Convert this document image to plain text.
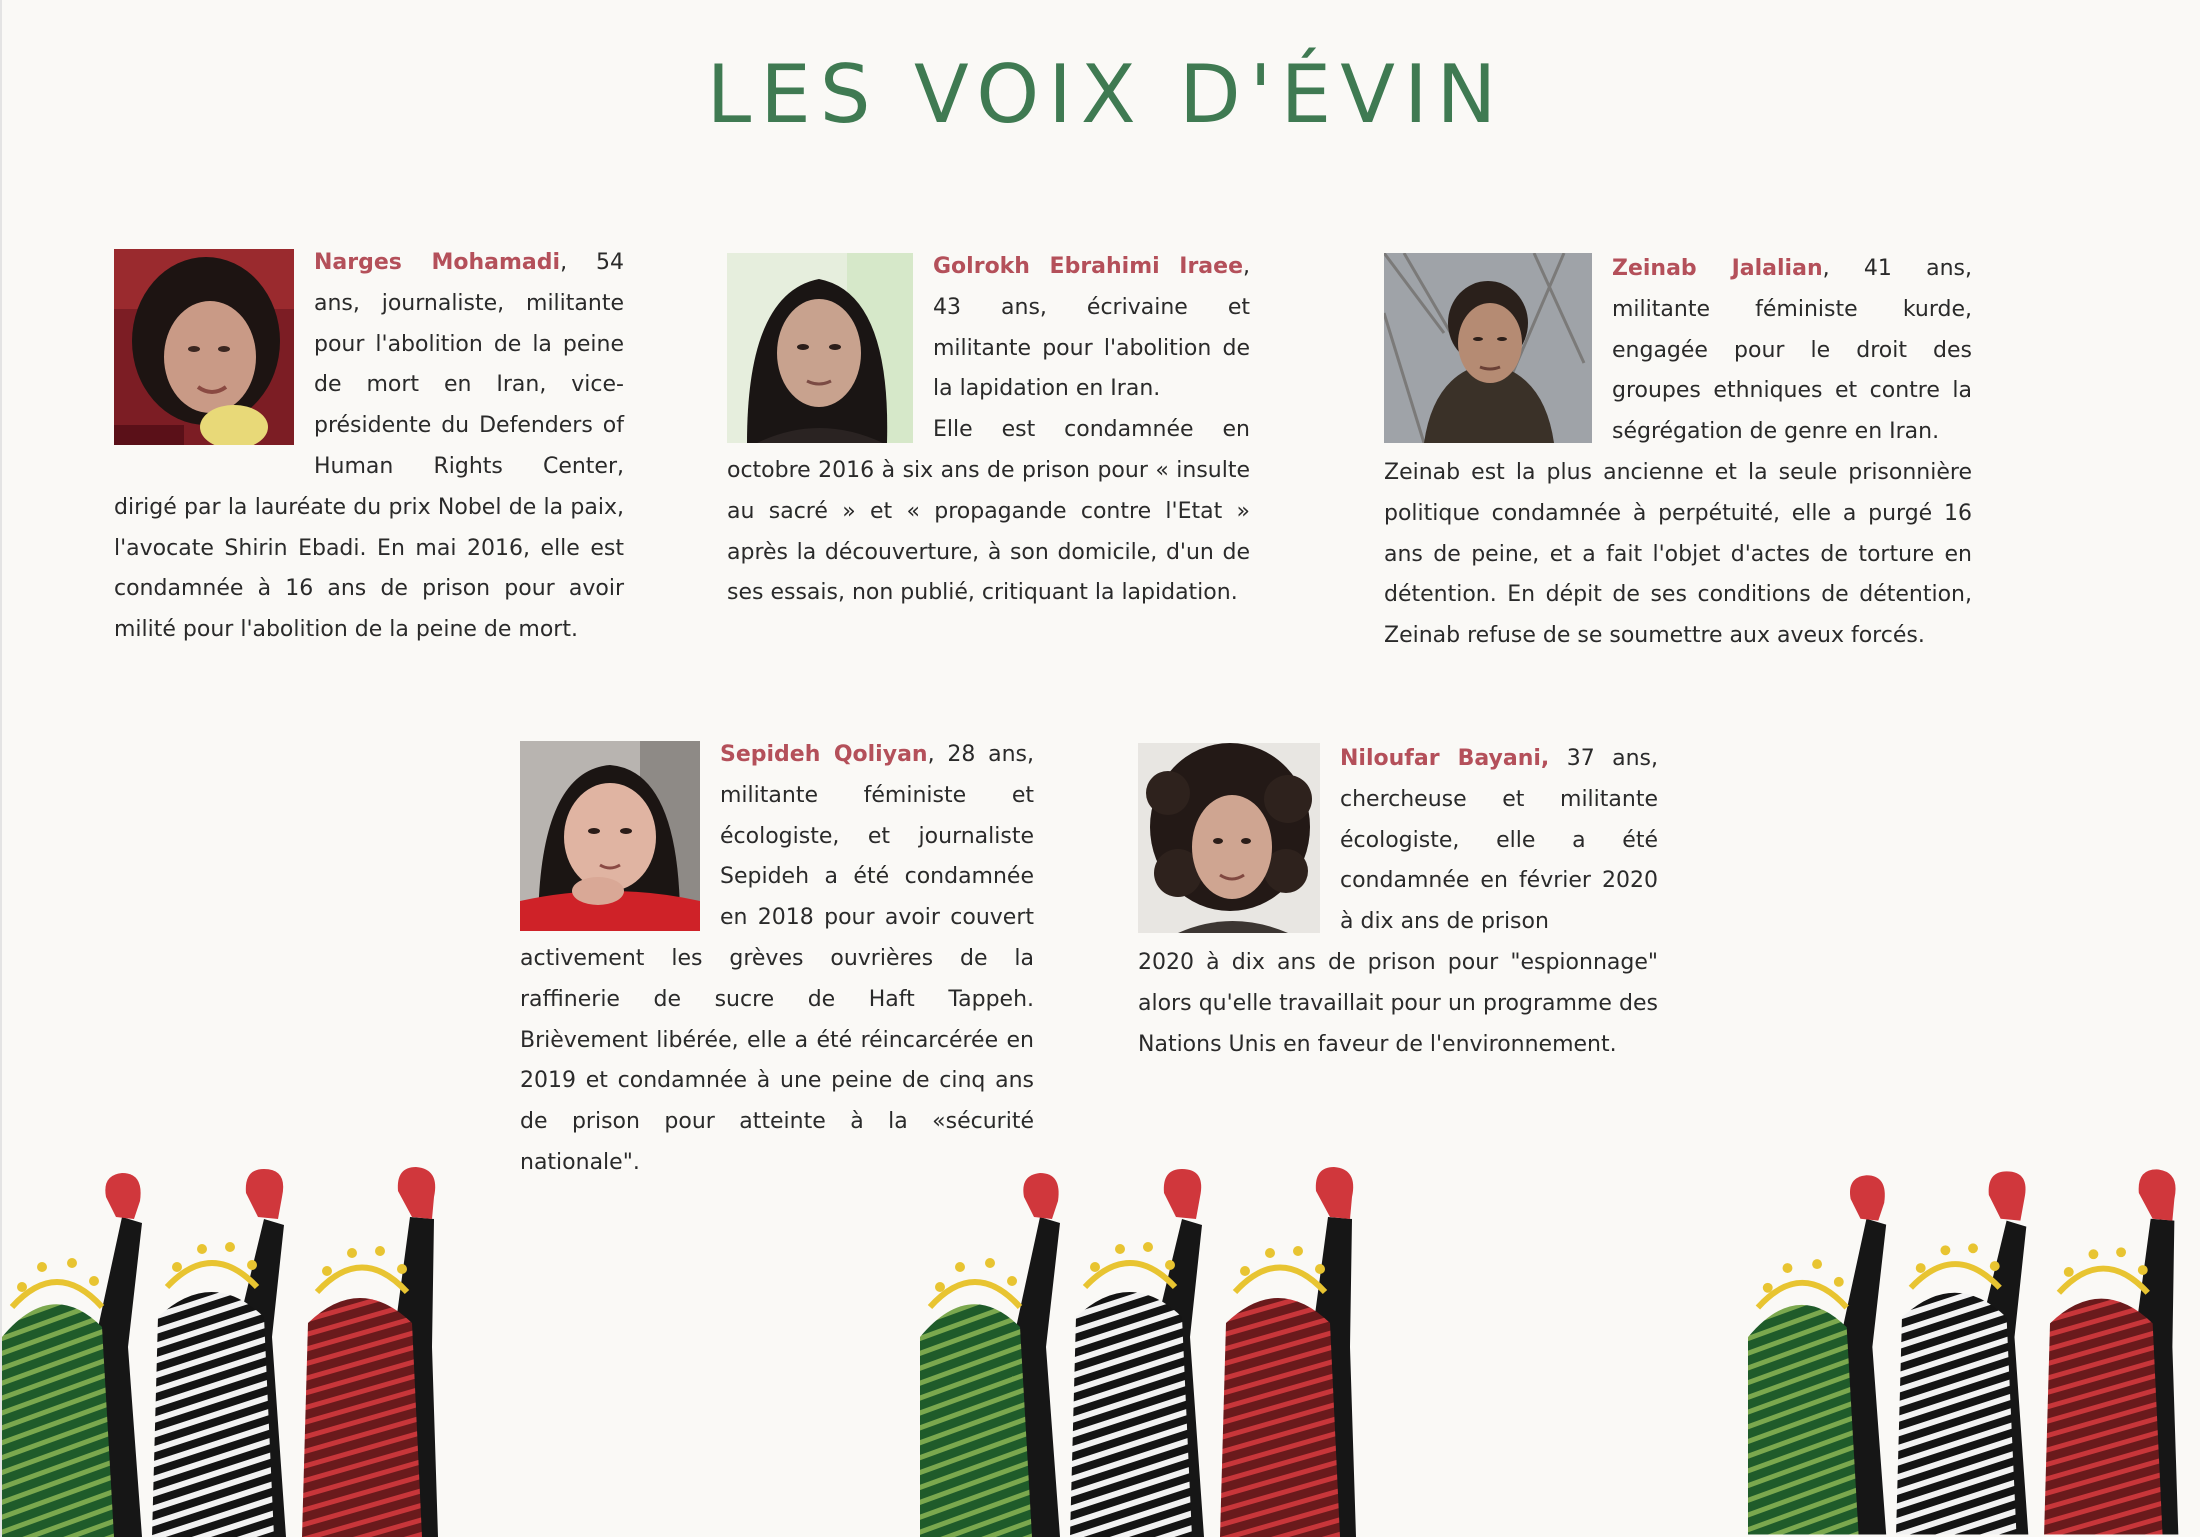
LES VOIX D'ÉVIN

Narges Mohamadi, 54 ans, journaliste, militante pour l'abolition de la peine de mort en Iran, vice-présidente du Defenders of Human Rights Center, dirigé par la lauréate du prix Nobel de la paix, l'avocate Shirin Ebadi. En mai 2016, elle est condamnée à 16 ans de prison pour avoir milité pour l'abolition de la peine de mort.

Golrokh Ebrahimi Iraee, 43 ans, écrivaine et militante pour l'abolition de la lapidation en Iran.

Elle est condamnée en octobre 2016 à six ans de prison pour « insulte au sacré » et « propagande contre l'Etat » après la découverture, à son domicile, d'un de ses essais, non publié, critiquant la lapidation.

Zeinab Jalalian, 41 ans, militante féministe kurde, engagée pour le droit des groupes ethniques et contre la ségrégation de genre en Iran.

Zeinab est la plus ancienne et la seule prisonnière politique condamnée à perpétuité, elle a purgé 16 ans de peine, et a fait l'objet d'actes de torture en détention. En dépit de ses conditions de détention, Zeinab refuse de se soumettre aux aveux forcés.

Sepideh Qoliyan, 28 ans, militante féministe et écologiste, et journaliste Sepideh a été condamnée en 2018 pour avoir couvert activement les grèves ouvrières de la raffinerie de sucre de Haft Tappeh. Brièvement libérée, elle a été réincarcérée en 2019 et condamnée à une peine de cinq ans de prison pour atteinte à la «sécurité nationale".

Niloufar Bayani, 37 ans, chercheuse et militante écologiste, elle a été condamnée en février 2020 à dix ans de prison

2020 à dix ans de prison pour "espionnage" alors qu'elle travaillait pour un programme des Nations Unis en faveur de l'environnement.
